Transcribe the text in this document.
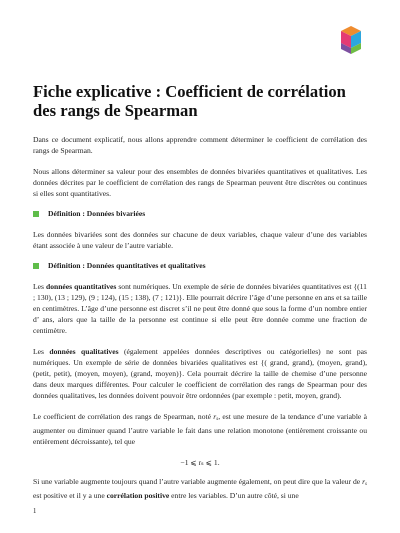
Fiche explicative : Coefficient de corrélation des rangs de Spearman

Dans ce document explicatif, nous allons apprendre comment déterminer le coefficient de corrélation des rangs de Spearman.

Nous allons déterminer sa valeur pour des ensembles de données bivariées quantitatives et qualitatives. Les données décrites par le coefficient de corrélation des rangs de Spearman peuvent être discrètes ou continues si elles sont quantitatives.

Définition : Données bivariées

Les données bivariées sont des données sur chacune de deux variables, chaque valeur d’une des variables étant associée à une valeur de l’autre variable.

Définition : Données quantitatives et qualitatives

Les données quantitatives sont numériques. Un exemple de série de données bivariées quantitatives est {(11 ; 130), (13 ; 129), (9 ; 124), (15 ; 138), (7 ; 121)}. Elle pourrait décrire l’âge d’une personne en ans et sa taille en centimètres. L’âge d’une personne est discret s’il ne peut être donné que sous la forme d’un nombre entier d’ ans, alors que la taille de la personne est continue si elle peut être donnée comme une fraction de centimètre.

Les données qualitatives (également appelées données descriptives ou catégorielles) ne sont pas numériques. Un exemple de série de données bivariées qualitatives est {( grand, grand), (moyen, grand), (petit, petit), (moyen, moyen), (grand, moyen)}. Cela pourrait décrire la taille de chemise d’une personne dans deux marques différentes. Pour calculer le coefficient de corrélation des rangs de Spearman pour des données qualitatives, les données doivent pouvoir être ordonnées (par exemple : petit, moyen, grand).

Le coefficient de corrélation des rangs de Spearman, noté $r_s$, est une mesure de la tendance d’une variable à augmenter ou diminuer quand l’autre variable le fait dans une relation monotone (entièrement croissante ou entièrement décroissante), tel que

−1 ⩽ rₛ ⩽ 1.

Si une variable augmente toujours quand l’autre variable augmente également, on peut dire que la valeur de $r_s$ est positive et il y a une corrélation positive entre les variables. D’un autre côté, si une

1
